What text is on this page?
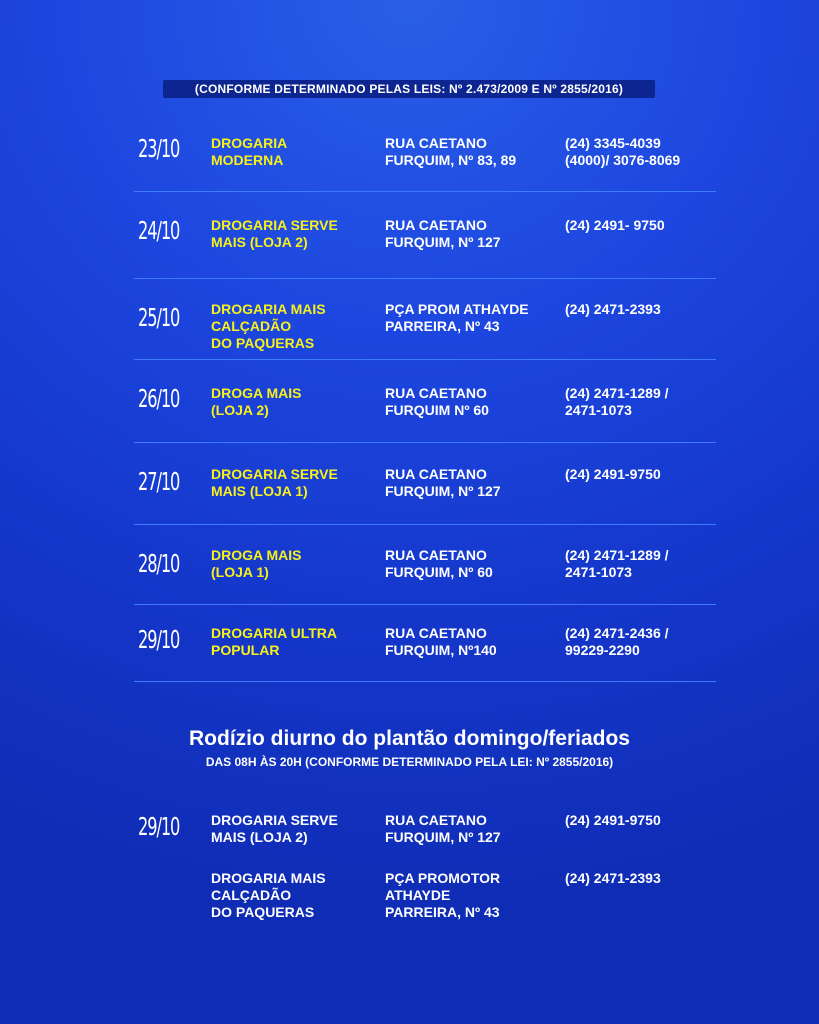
(CONFORME DETERMINADO PELAS LEIS: Nº 2.473/2009 E Nº 2855/2016)
23/10 DROGARIA
MODERNA
RUA CAETANO
FURQUIM, Nº 83, 89
(24) 3345-4039
(4000)/ 3076-8069
24/10 DROGARIA SERVE
MAIS (LOJA 2)
RUA CAETANO
FURQUIM, Nº 127
(24) 2491- 9750
25/10 DROGARIA MAIS
CALÇADÃO
DO PAQUERAS
PÇA PROM ATHAYDE
PARREIRA, Nº 43
(24) 2471-2393
26/10 DROGA MAIS
(LOJA 2)
RUA CAETANO
FURQUIM Nº 60
(24) 2471-1289 /
2471-1073
27/10 DROGARIA SERVE
MAIS (LOJA 1)
RUA CAETANO
FURQUIM, Nº 127
(24) 2491-9750
28/10 DROGA MAIS
(LOJA 1)
RUA CAETANO
FURQUIM, Nº 60
(24) 2471-1289 /
2471-1073
29/10 DROGARIA ULTRA
POPULAR
RUA CAETANO
FURQUIM, Nº140
(24) 2471-2436 /
99229-2290
Rodízio diurno do plantão domingo/feriados
DAS 08H ÀS 20H (CONFORME DETERMINADO PELA LEI: Nº 2855/2016)
29/10 DROGARIA SERVE
MAIS (LOJA 2)
RUA CAETANO
FURQUIM, Nº 127
(24) 2491-9750
DROGARIA MAIS
CALÇADÃO
DO PAQUERAS
PÇA PROMOTOR
ATHAYDE
PARREIRA, Nº 43
(24) 2471-2393
